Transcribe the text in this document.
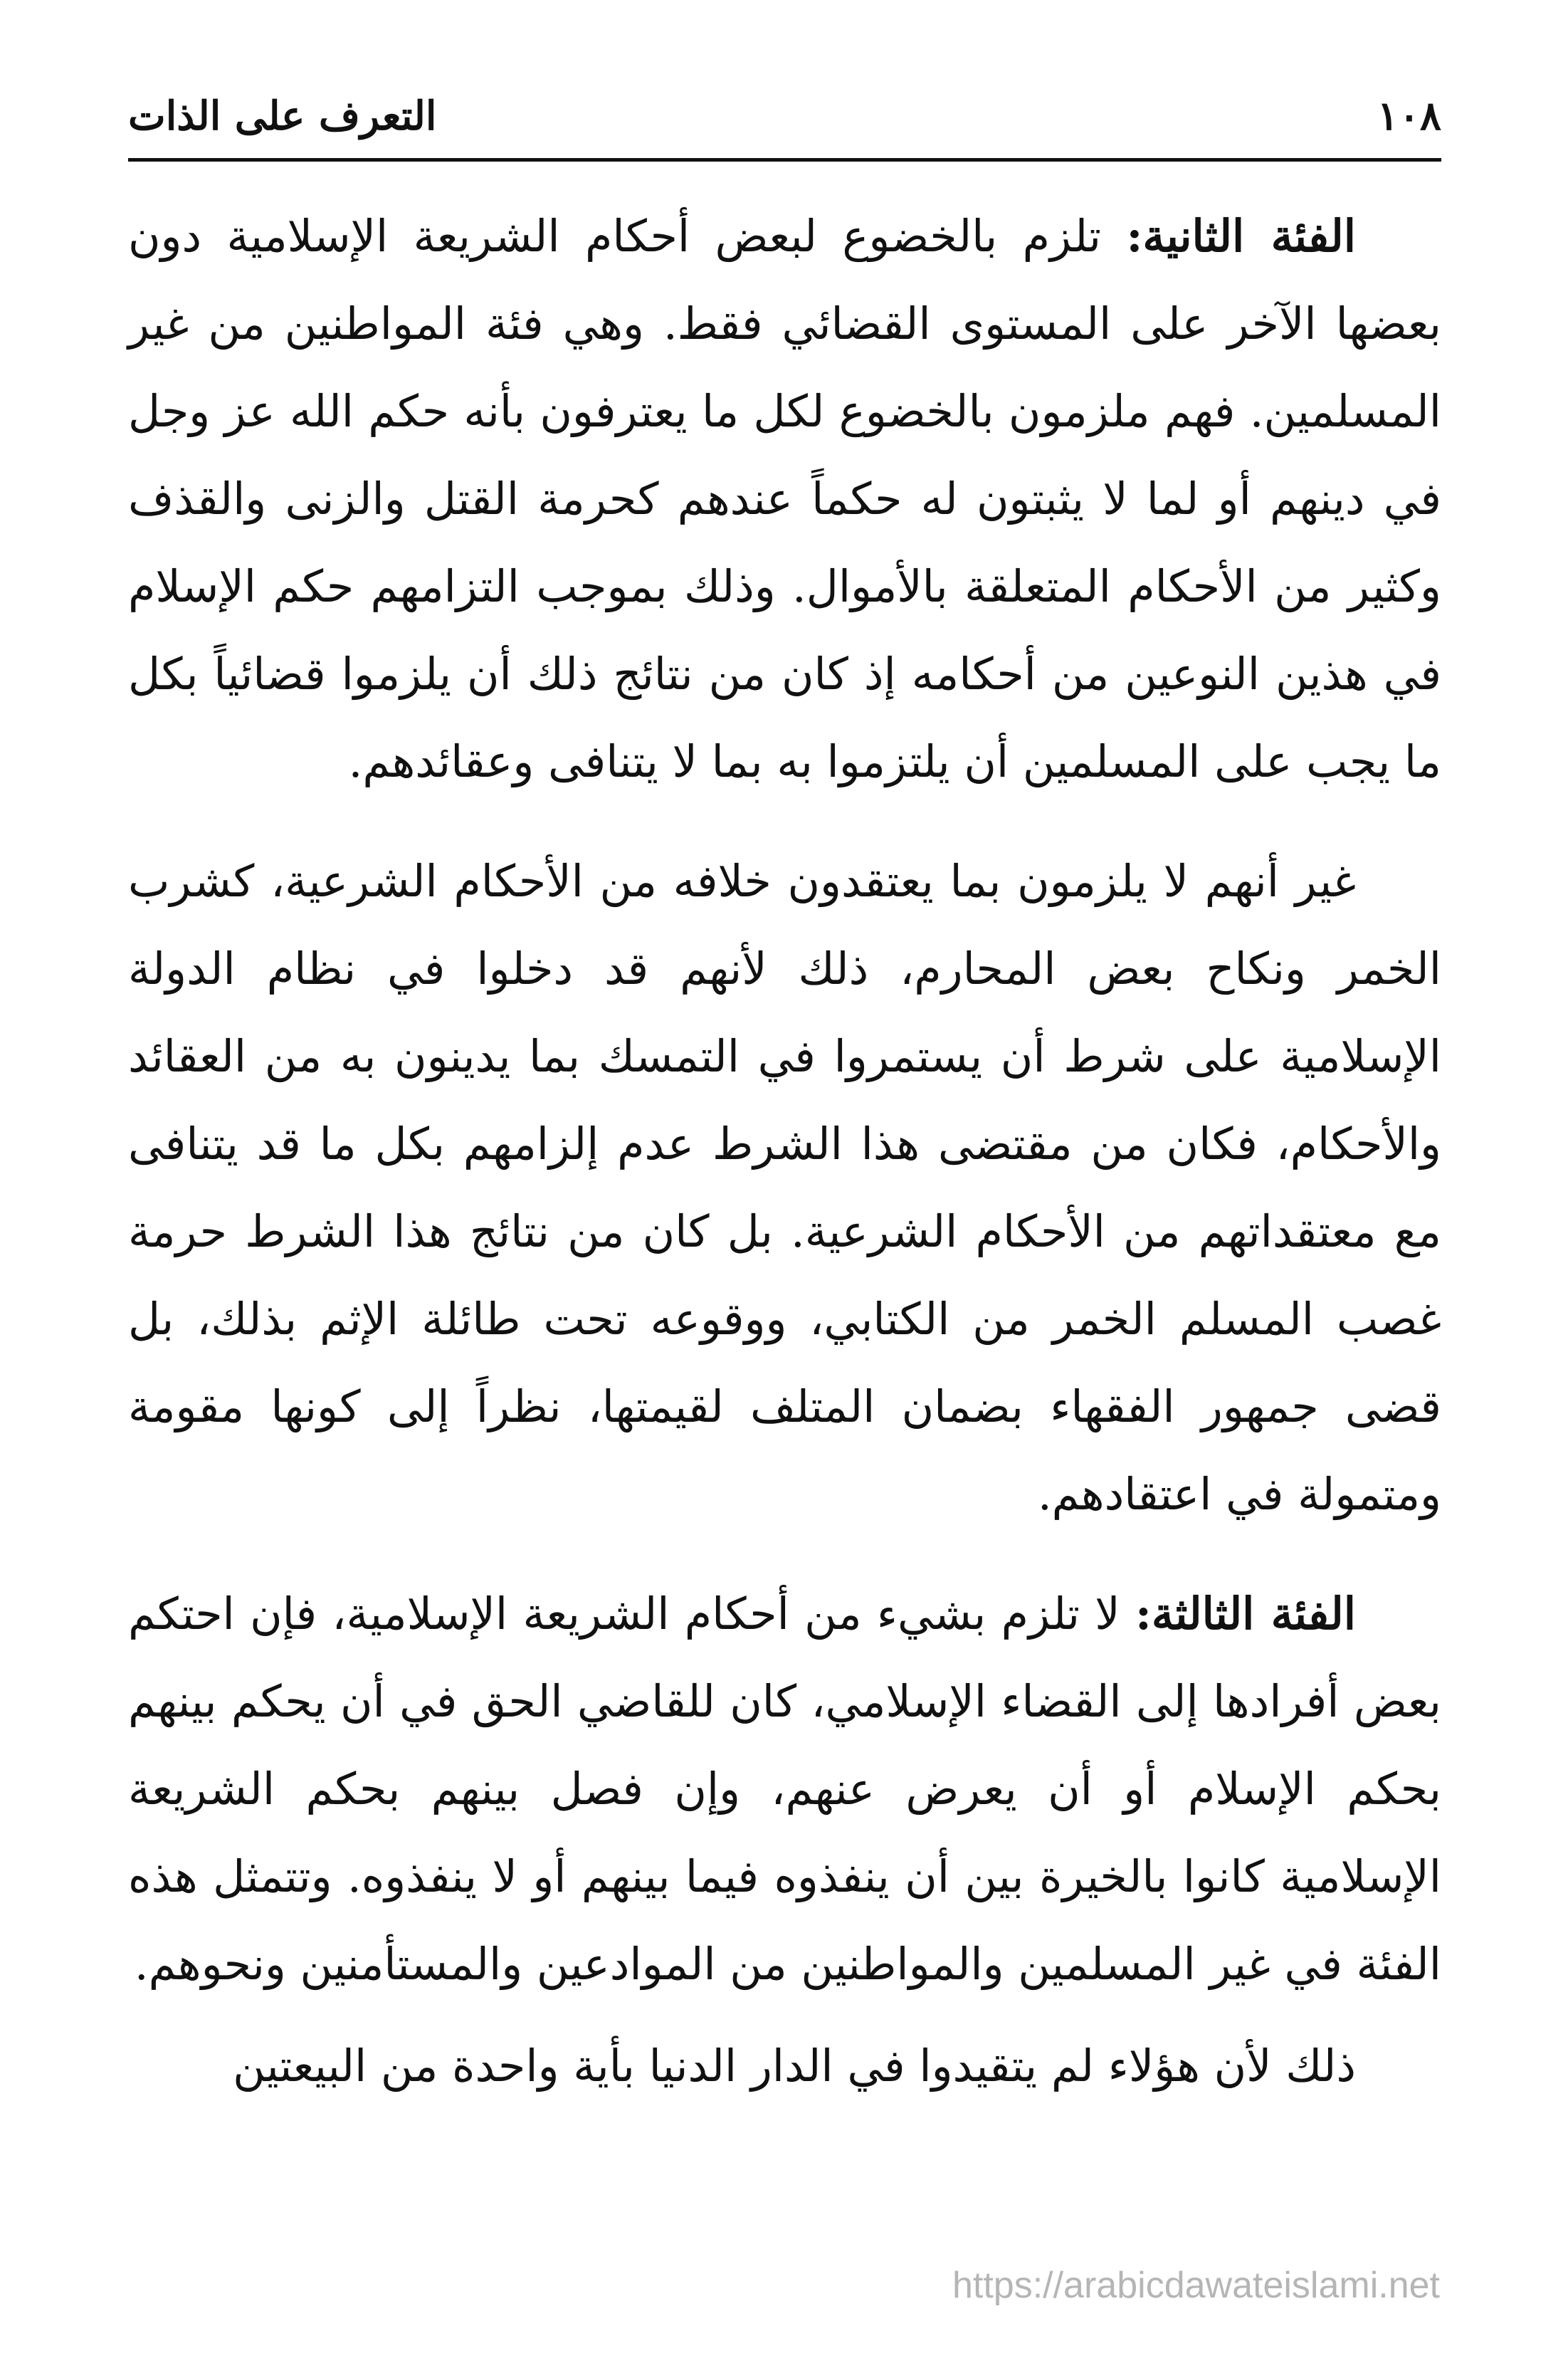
١٠٨
التعرف على الذات

الفئة الثانية: تلزم بالخضوع لبعض أحكام الشريعة الإسلامية دون بعضها الآخر على المستوى القضائي فقط. وهي فئة المواطنين من غير المسلمين. فهم ملزمون بالخضوع لكل ما يعترفون بأنه حكم الله عز وجل في دينهم أو لما لا يثبتون له حكماً عندهم كحرمة القتل والزنى والقذف وكثير من الأحكام المتعلقة بالأموال. وذلك بموجب التزامهم حكم الإسلام في هذين النوعين من أحكامه إذ كان من نتائج ذلك أن يلزموا قضائياً بكل ما يجب على المسلمين أن يلتزموا به بما لا يتنافى وعقائدهم.

غير أنهم لا يلزمون بما يعتقدون خلافه من الأحكام الشرعية، كشرب الخمر ونكاح بعض المحارم، ذلك لأنهم قد دخلوا في نظام الدولة الإسلامية على شرط أن يستمروا في التمسك بما يدينون به من العقائد والأحكام، فكان من مقتضى هذا الشرط عدم إلزامهم بكل ما قد يتنافى مع معتقداتهم من الأحكام الشرعية. بل كان من نتائج هذا الشرط حرمة غصب المسلم الخمر من الكتابي، ووقوعه تحت طائلة الإثم بذلك، بل قضى جمهور الفقهاء بضمان المتلف لقيمتها، نظراً إلى كونها مقومة ومتمولة في اعتقادهم.

الفئة الثالثة: لا تلزم بشيء من أحكام الشريعة الإسلامية، فإن احتكم بعض أفرادها إلى القضاء الإسلامي، كان للقاضي الحق في أن يحكم بينهم بحكم الإسلام أو أن يعرض عنهم، وإن فصل بينهم بحكم الشريعة الإسلامية كانوا بالخيرة بين أن ينفذوه فيما بينهم أو لا ينفذوه. وتتمثل هذه الفئة في غير المسلمين والمواطنين من الموادعين والمستأمنين ونحوهم.

ذلك لأن هؤلاء لم يتقيدوا في الدار الدنيا بأية واحدة من البيعتين

https://arabicdawateislami.net
